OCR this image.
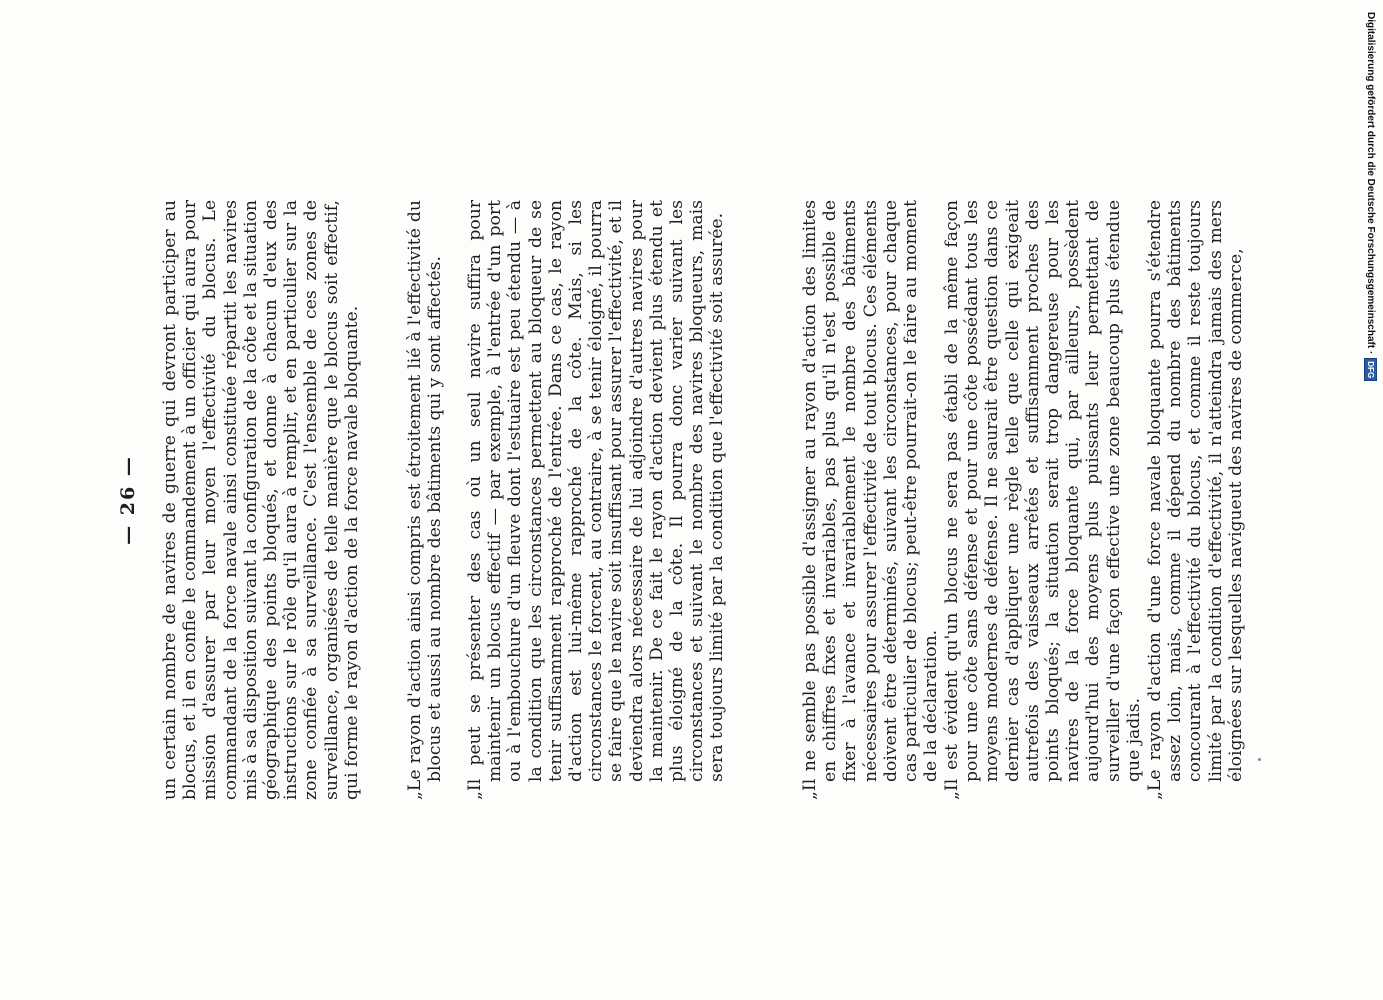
— 26 — un certain nombre de navires de guerre qui devront participer au blocus, et il en confie le commandement à un officier qui aura pour mission d'assurer par leur moyen l'effectivité du blocus. Le commandant de la force navale ainsi constituée répartit les navires mis à sa disposition suivant la configuration de la côte et la situation géographique des points bloqués, et donne à chacun d'eux des instructions sur le rôle qu'il aura à remplir, et en particulier sur la zone confiée à sa surveillance. C'est l'ensemble de ces zones de surveillance, organisées de telle manière que le blocus soit effectif, qui forme le rayon d'action de la force navale bloquante.	„Le rayon d'action ainsi compris est étroitement lié à l'effectivité du blocus et aussi au nombre des bâtiments qui y sont affectés. „Il peut se présenter des cas où un seul navire suffira pour maintenir un blocus effectif — par exemple, à l'entrée d'un port ou à l'embouchure d'un fleuve dont l'estuaire est peu étendu — à la condition que les circonstances permettent au bloqueur de se tenir suffisamment rapproché de l'entrée. Dans ce cas, le rayon d'action est lui-même rapproché de la côte. Mais, si les circonstances le forcent, au contraire, à se tenir éloigné, il pourra se faire que le navire soit insuffisant pour assurer l'effectivité, et il deviendra alors nécessaire de lui adjoindre d'autres navires pour la maintenir. De ce fait le rayon d'action devient plus étendu et plus éloigné de la côte. Il pourra donc varier suivant les circonstances et suivant le nombre des navires bloqueurs, mais sera toujours limité par la condition que l'effectivité soit assurée.	„Il ne semble pas possible d'assigner au rayon d'action des limites en chiffres fixes et invariables, pas plus qu'il n'est possible de fixer à l'avance et invariablement le nombre des bâtiments nécessaires pour assurer l'effectivité de tout blocus. Ces éléments doivent être déterminés, suivant les circonstances, pour chaque cas particulier de blocus; peut-être pourrait-on le faire au moment de la déclaration. „Il est évident qu'un blocus ne sera pas établi de la même façon pour une côte sans défense et pour une côte possédant tous les moyens modernes de défense. Il ne saurait être question dans ce dernier cas d'appliquer une règle telle que celle qui exigeait autrefois des vaisseaux arrêtés et suffisamment proches des points bloqués; la situation serait trop dangereuse pour les navires de la force bloquante qui, par ailleurs, possèdent aujourd'hui des moyens plus puissants leur permettant de surveiller d'une façon effective une zone beaucoup plus étendue que jadis. „Le rayon d'action d'une force navale bloquante pourra s'étendre assez loin, mais, comme il dépend du nombre des bâtiments concourant à l'effectivité du blocus, et comme il reste toujours limité par la condition d'effectivité, il n'atteindra jamais des mers éloignées sur lesquelles navigueut des navires de commerce,
Digitalisierung gefördert durch die Deutsche Forschungsgemeinschaft ·
DFG
